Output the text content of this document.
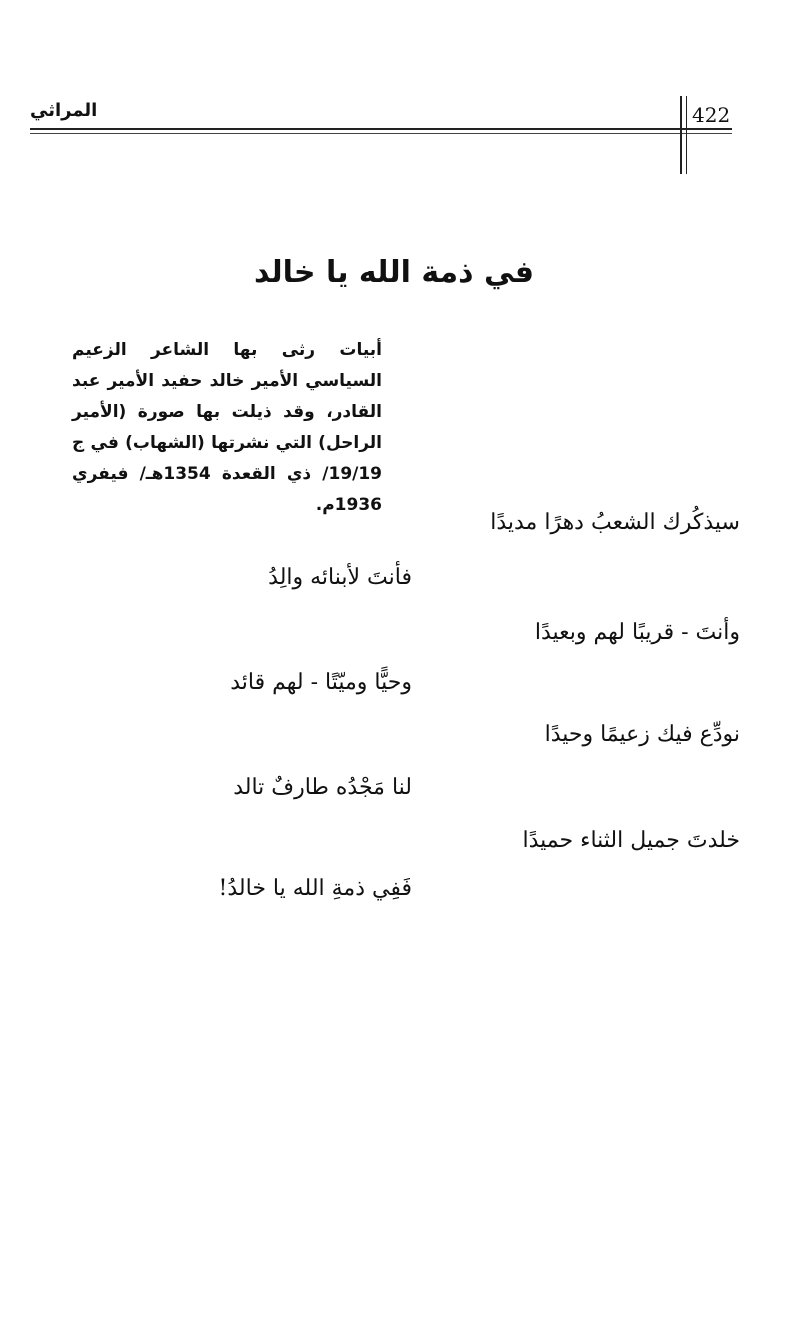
422
المراثي
في ذمة الله يا خالد
أبيات رثى بها الشاعر الزعيم السياسي الأمير خالد حفيد الأمير عبد القادر، وقد ذيلت بها صورة (الأمير الراحل) التي نشرتها (الشهاب) في ج 19/19/ ذي القعدة 1354هـ/ فيفري 1936م.
سيذكُرك الشعبُ دهرًا مديدًا
فأنتَ لأبنائه والِدُ
وأنتَ - قريبًا لهم وبعيدًا
وحيًّا وميّتًا - لهم قائد
نودِّع فيك زعيمًا وحيدًا
لنا مَجْدُه طارفٌ تالد
خلدتَ جميل الثناء حميدًا
فَفِي ذمةِ الله يا خالدُ!
